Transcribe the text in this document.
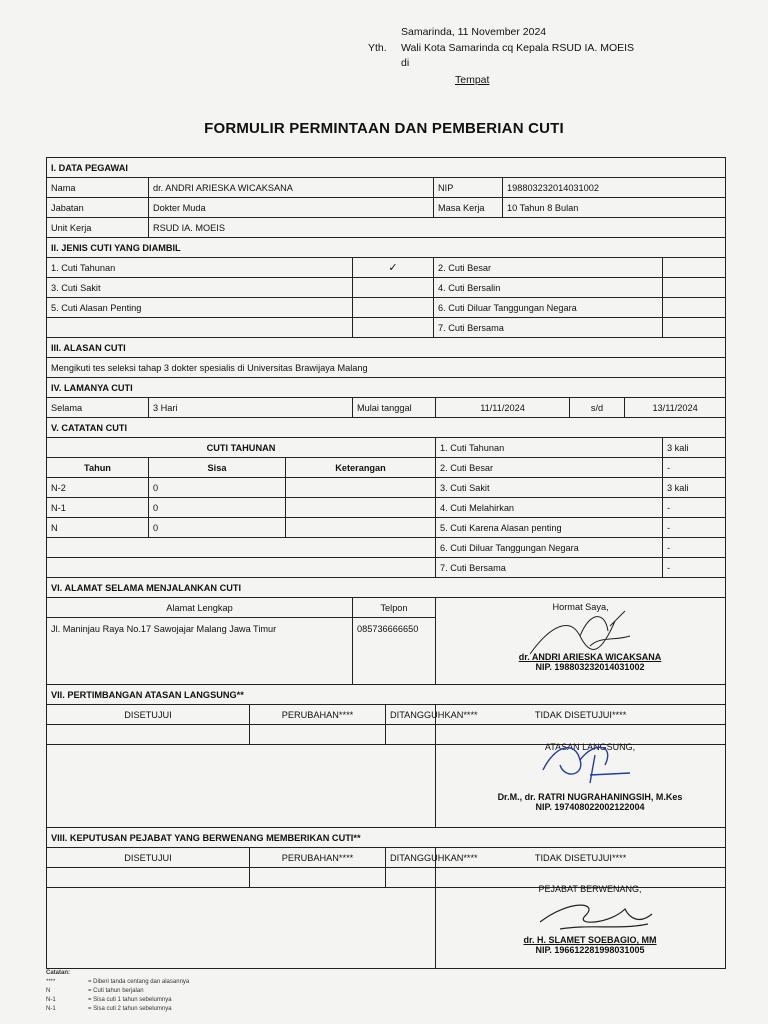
Samarinda, 11 November 2024
Yth. Wali Kota Samarinda cq Kepala RSUD IA. MOEIS
di
Tempat
FORMULIR PERMINTAAN DAN PEMBERIAN CUTI
I. DATA PEGAWAI											
Nama	dr. ANDRI ARIESKA WICAKSANA					NIP		198803232014031002			
Jabatan	Dokter Muda					Masa Kerja		10 Tahun 8 Bulan			
Unit Kerja	RSUD IA. MOEIS										
II. JENIS CUTI YANG DIAMBIL											
1. Cuti Tahunan				✓		2. Cuti Besar					
3. Cuti Sakit						4. Cuti Bersalin					
5. Cuti Alasan Penting						6. Cuti Diluar Tanggungan Negara					
						7. Cuti Bersama					
III. ALASAN CUTI											
Mengikuti tes seleksi tahap 3 dokter spesialis di Universitas Brawijaya Malang											
IV. LAMANYA CUTI											
Selama	3 Hari			Mulai tanggal			11/11/2024		s/d	13/11/2024	
V. CATATAN CUTI											
CUTI TAHUNAN							1. Cuti Tahunan				3 kali
Tahun	Sisa		Keterangan				2. Cuti Besar				-
N-2	0						3. Cuti Sakit				3 kali
N-1	0						4. Cuti Melahirkan				-
N	0						5. Cuti Karena Alasan penting				-
							6. Cuti Diluar Tanggungan Negara				-
							7. Cuti Bersama				-
VI. ALAMAT SELAMA MENJALANKAN CUTI											
Alamat Lengkap				Telpon			Hormat Saya,				
Jl. Maninjau Raya No.17 Sawojajar Malang Jawa Timur				085736666650							
VII. PERTIMBANGAN ATASAN LANGSUNG**											
DISETUJUI		PERUBAHAN****			DITANGGUHKAN****		TIDAK DISETUJUI****				

VIII. KEPUTUSAN PEJABAT YANG BERWENANG MEMBERIKAN CUTI**											
DISETUJUI		PERUBAHAN****			DITANGGUHKAN****		TIDAK DISETUJUI****				

dr. ANDRI ARIESKA WICAKSANA
NIP. 198803232014031002
ATASAN LANGSUNG,
Dr.M., dr. RATRI NUGRAHANINGSIH, M.Kes
NIP. 197408022002122004
PEJABAT BERWENANG,
dr. H. SLAMET SOEBAGIO, MM
NIP. 196612281998031005
Catatan:
****	= Diberi tanda centang dan alasannya
N	= Cuti tahun berjalan
N-1	= Sisa cuti 1 tahun sebelumnya
N-1	= Sisa cuti 2 tahun sebelumnya
